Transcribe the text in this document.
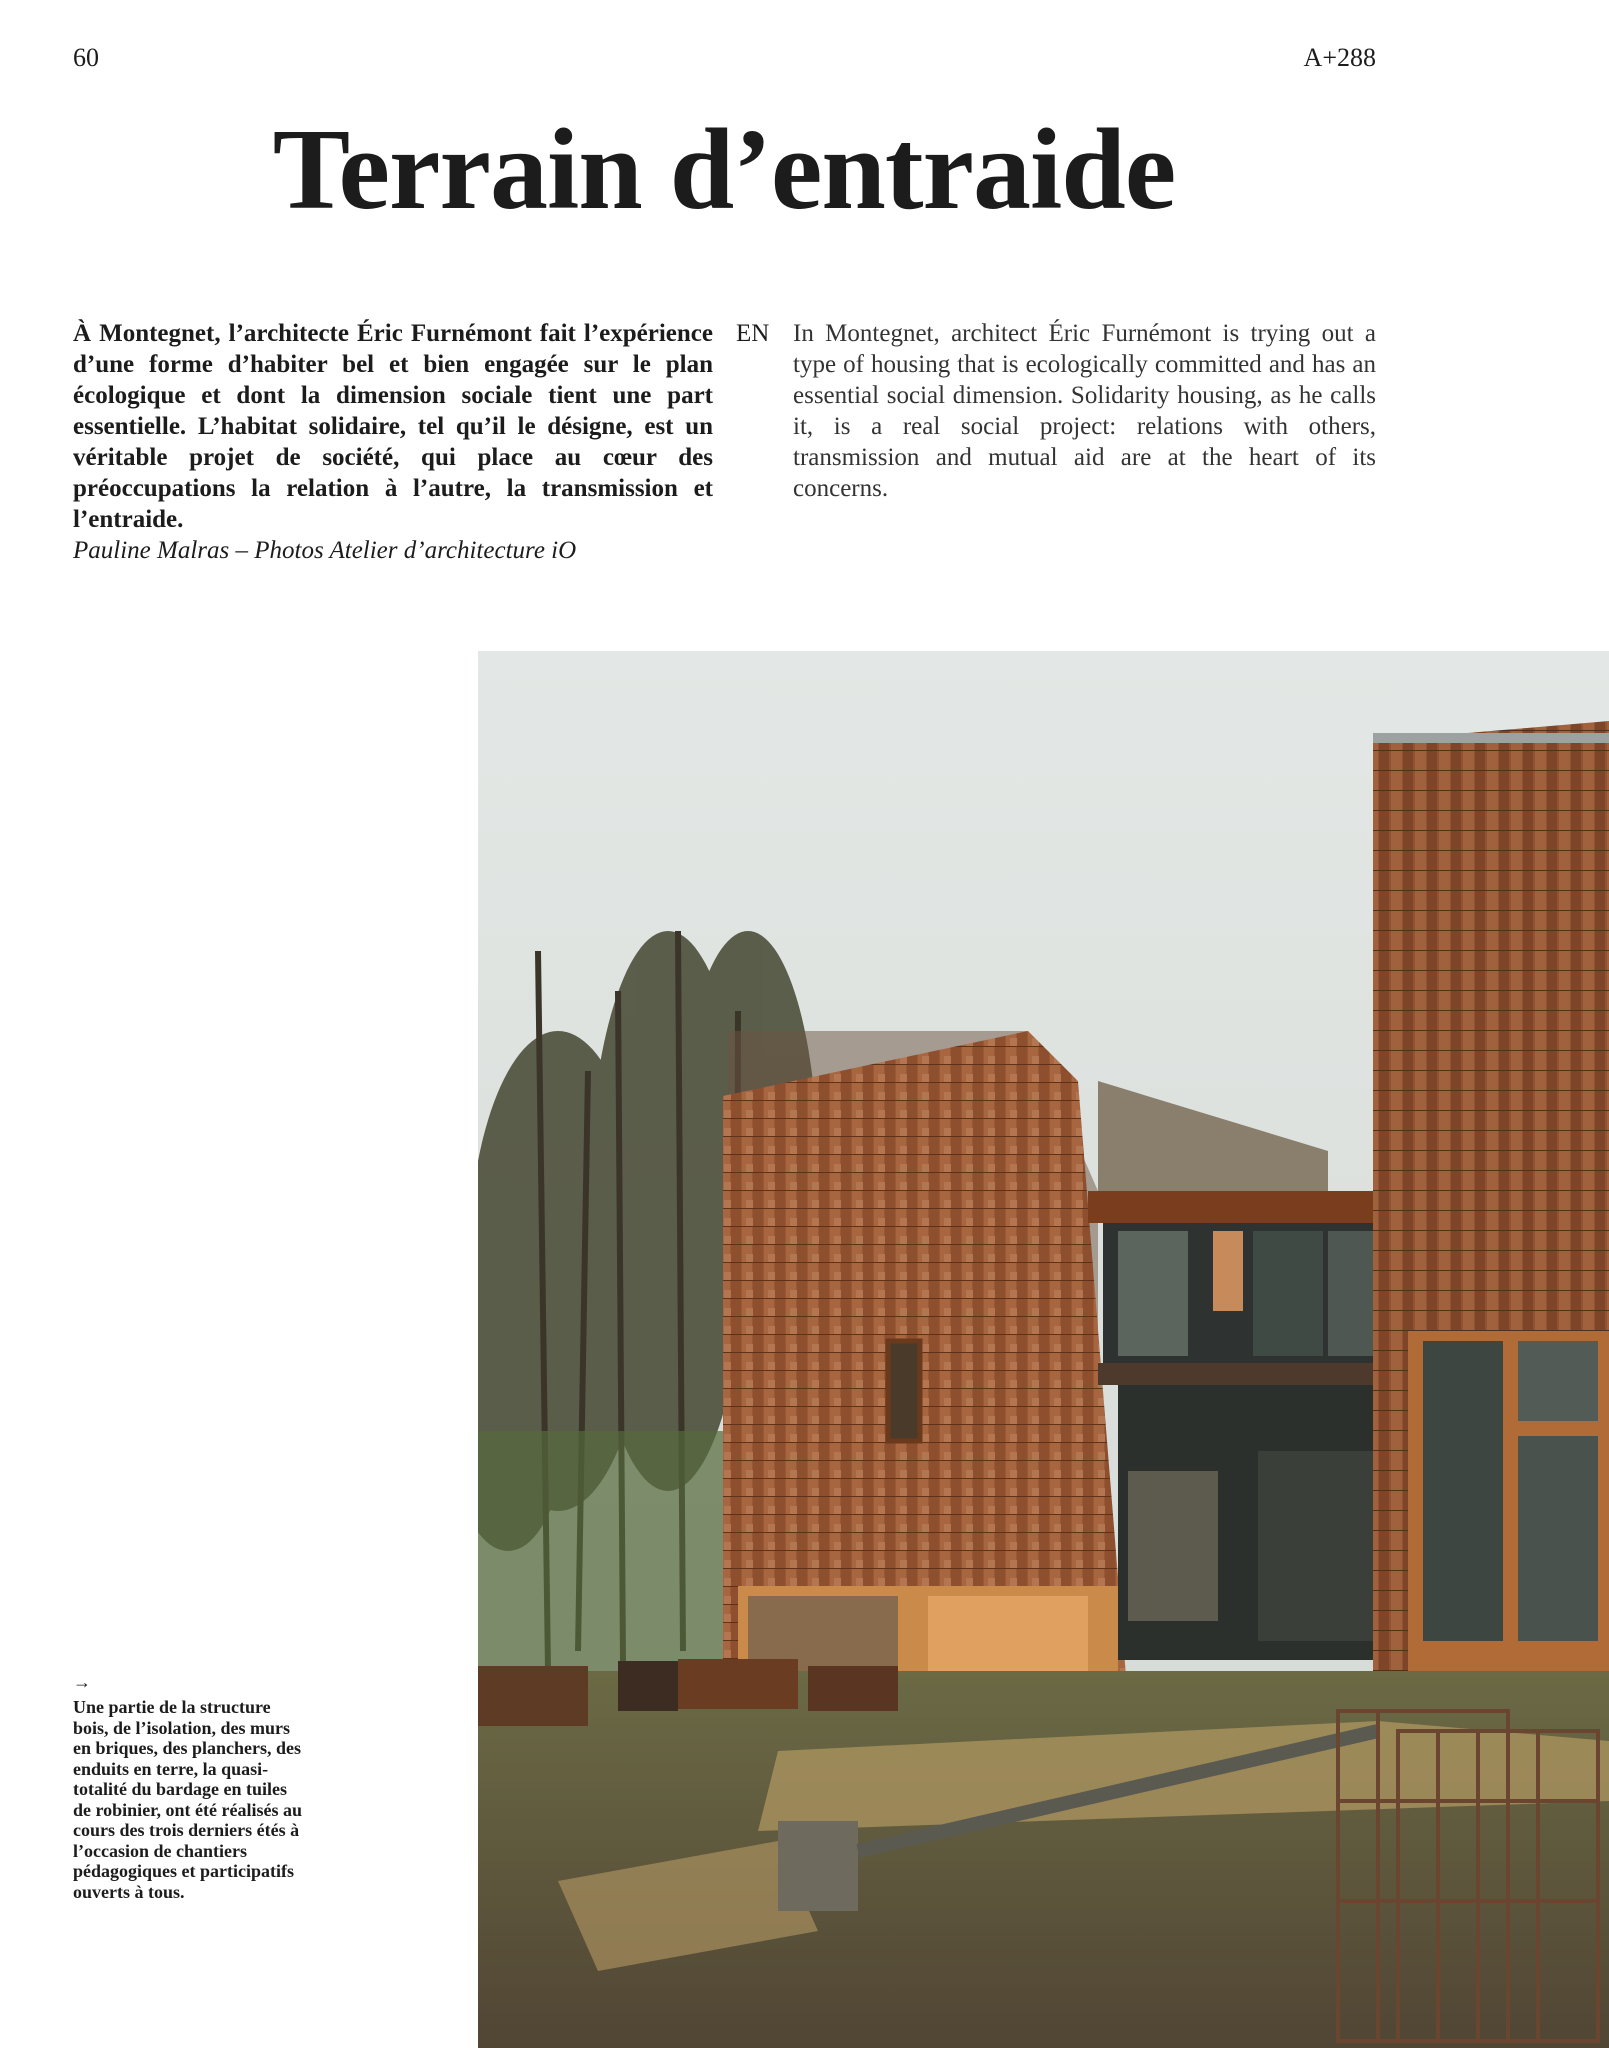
60	A+288
Terrain d’entraide

À Montegnet, l’architecte Éric Furnémont fait l’expérience d’une forme d’habiter bel et bien engagée sur le plan écologique et dont la dimension sociale tient une part essentielle. L’habitat solidaire, tel qu’il le désigne, est un véritable projet de société, qui place au cœur des préoccupations la relation à l’autre, la transmission et l’entraide.

EN In Montegnet, architect Éric Furnémont is trying out a type of housing that is ecologically committed and has an essential social dimension. Solidarity housing, as he calls it, is a real social project: relations with others, transmission and mutual aid are at the heart of its concerns.

Pauline Malras – Photos Atelier d’architecture iO
→

Une partie de la structure bois, de l’isolation, des murs en briques, des planchers, des enduits en terre, la quasi-totalité du bardage en tuiles de robinier, ont été réalisés au cours des trois derniers étés à l’occasion de chantiers pédagogiques et participatifs ouverts à tous.
